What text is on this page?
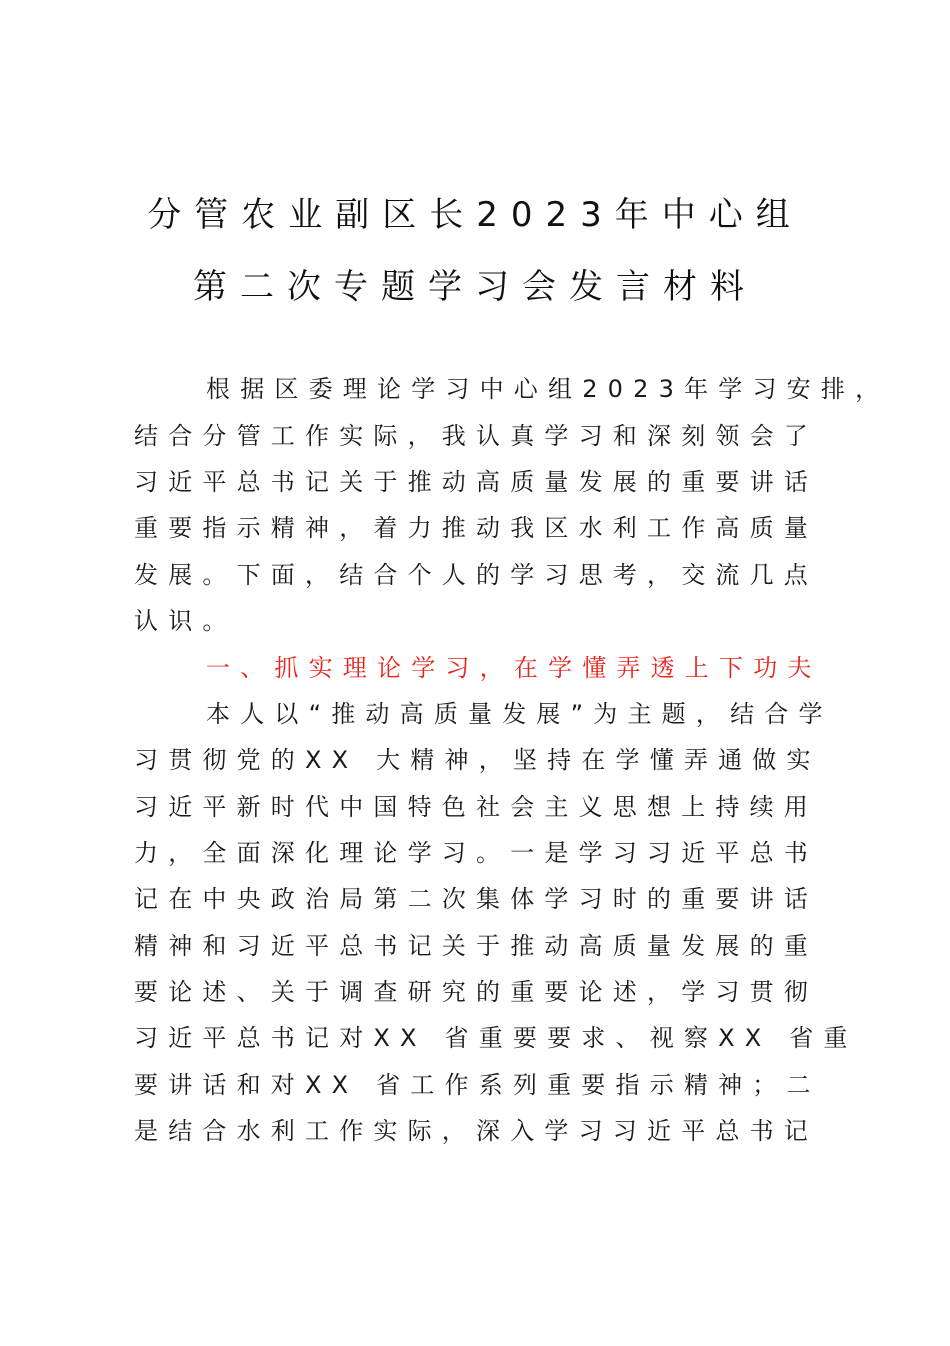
分管农业副区长2023年中心组
第二次专题学习会发言材料
根据区委理论学习中心组2023年学习安排，
结合分管工作实际，我认真学习和深刻领会了
习近平总书记关于推动高质量发展的重要讲话
重要指示精神，着力推动我区水利工作高质量
发展。下面，结合个人的学习思考，交流几点
认识。
一、抓实理论学习，在学懂弄透上下功夫
本人以“推动高质量发展”为主题，结合学
习贯彻党的XX 大精神，坚持在学懂弄通做实
习近平新时代中国特色社会主义思想上持续用
力，全面深化理论学习。一是学习习近平总书
记在中央政治局第二次集体学习时的重要讲话
精神和习近平总书记关于推动高质量发展的重
要论述、关于调查研究的重要论述，学习贯彻
习近平总书记对XX 省重要要求、视察XX 省重
要讲话和对XX 省工作系列重要指示精神；二
是结合水利工作实际，深入学习习近平总书记
